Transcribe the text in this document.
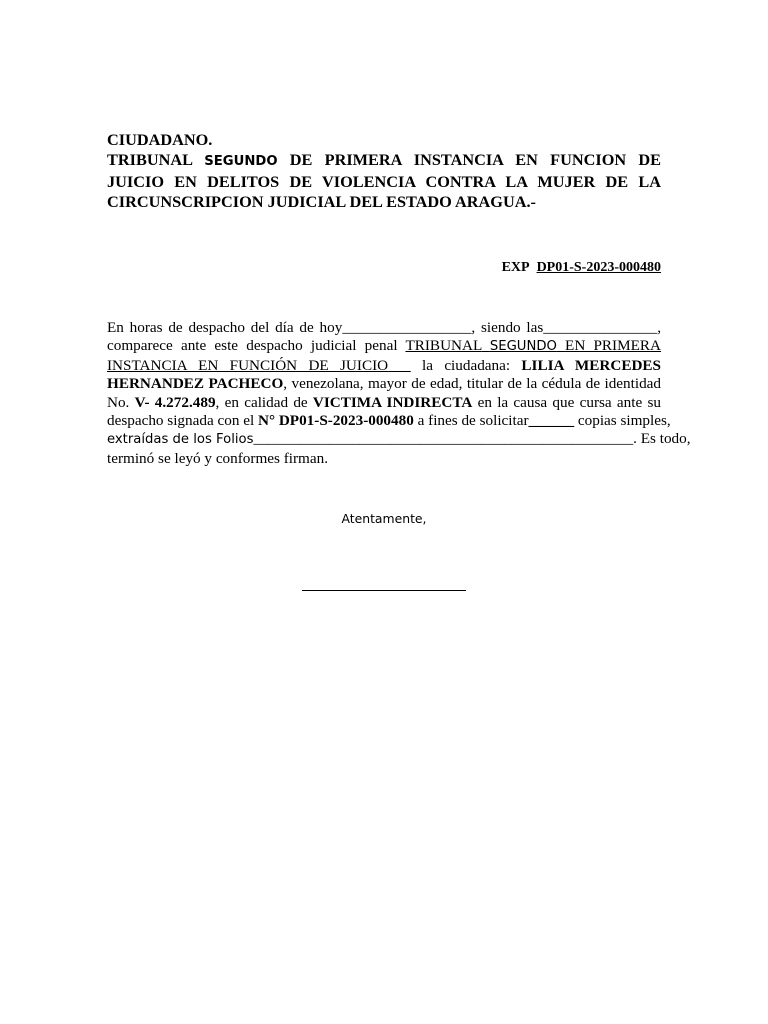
CIUDADANO.
TRIBUNAL SEGUNDO DE PRIMERA INSTANCIA EN FUNCION DE
JUICIO EN DELITOS DE VIOLENCIA CONTRA LA MUJER DE LA
CIRCUNSCRIPCION JUDICIAL DEL ESTADO ARAGUA.-
EXP DP01-S-2023-000480
En horas de despacho del día de hoy_________________, siendo las_______________,
comparece ante este despacho judicial penal TRIBUNAL SEGUNDO EN PRIMERA
INSTANCIA EN FUNCIÓN DE JUICIO la ciudadana: LILIA MERCEDES
HERNANDEZ PACHECO, venezolana, mayor de edad, titular de la cédula de identidad
No. V- 4.272.489, en calidad de VICTIMA INDIRECTA en la causa que cursa ante su
despacho signada con el N° DP01-S-2023-000480 a fines de solicitar______ copias simples,
extraídas de los Folios__________________________________________________. Es todo,
terminó se leyó y conformes firman.
Atentamente,
